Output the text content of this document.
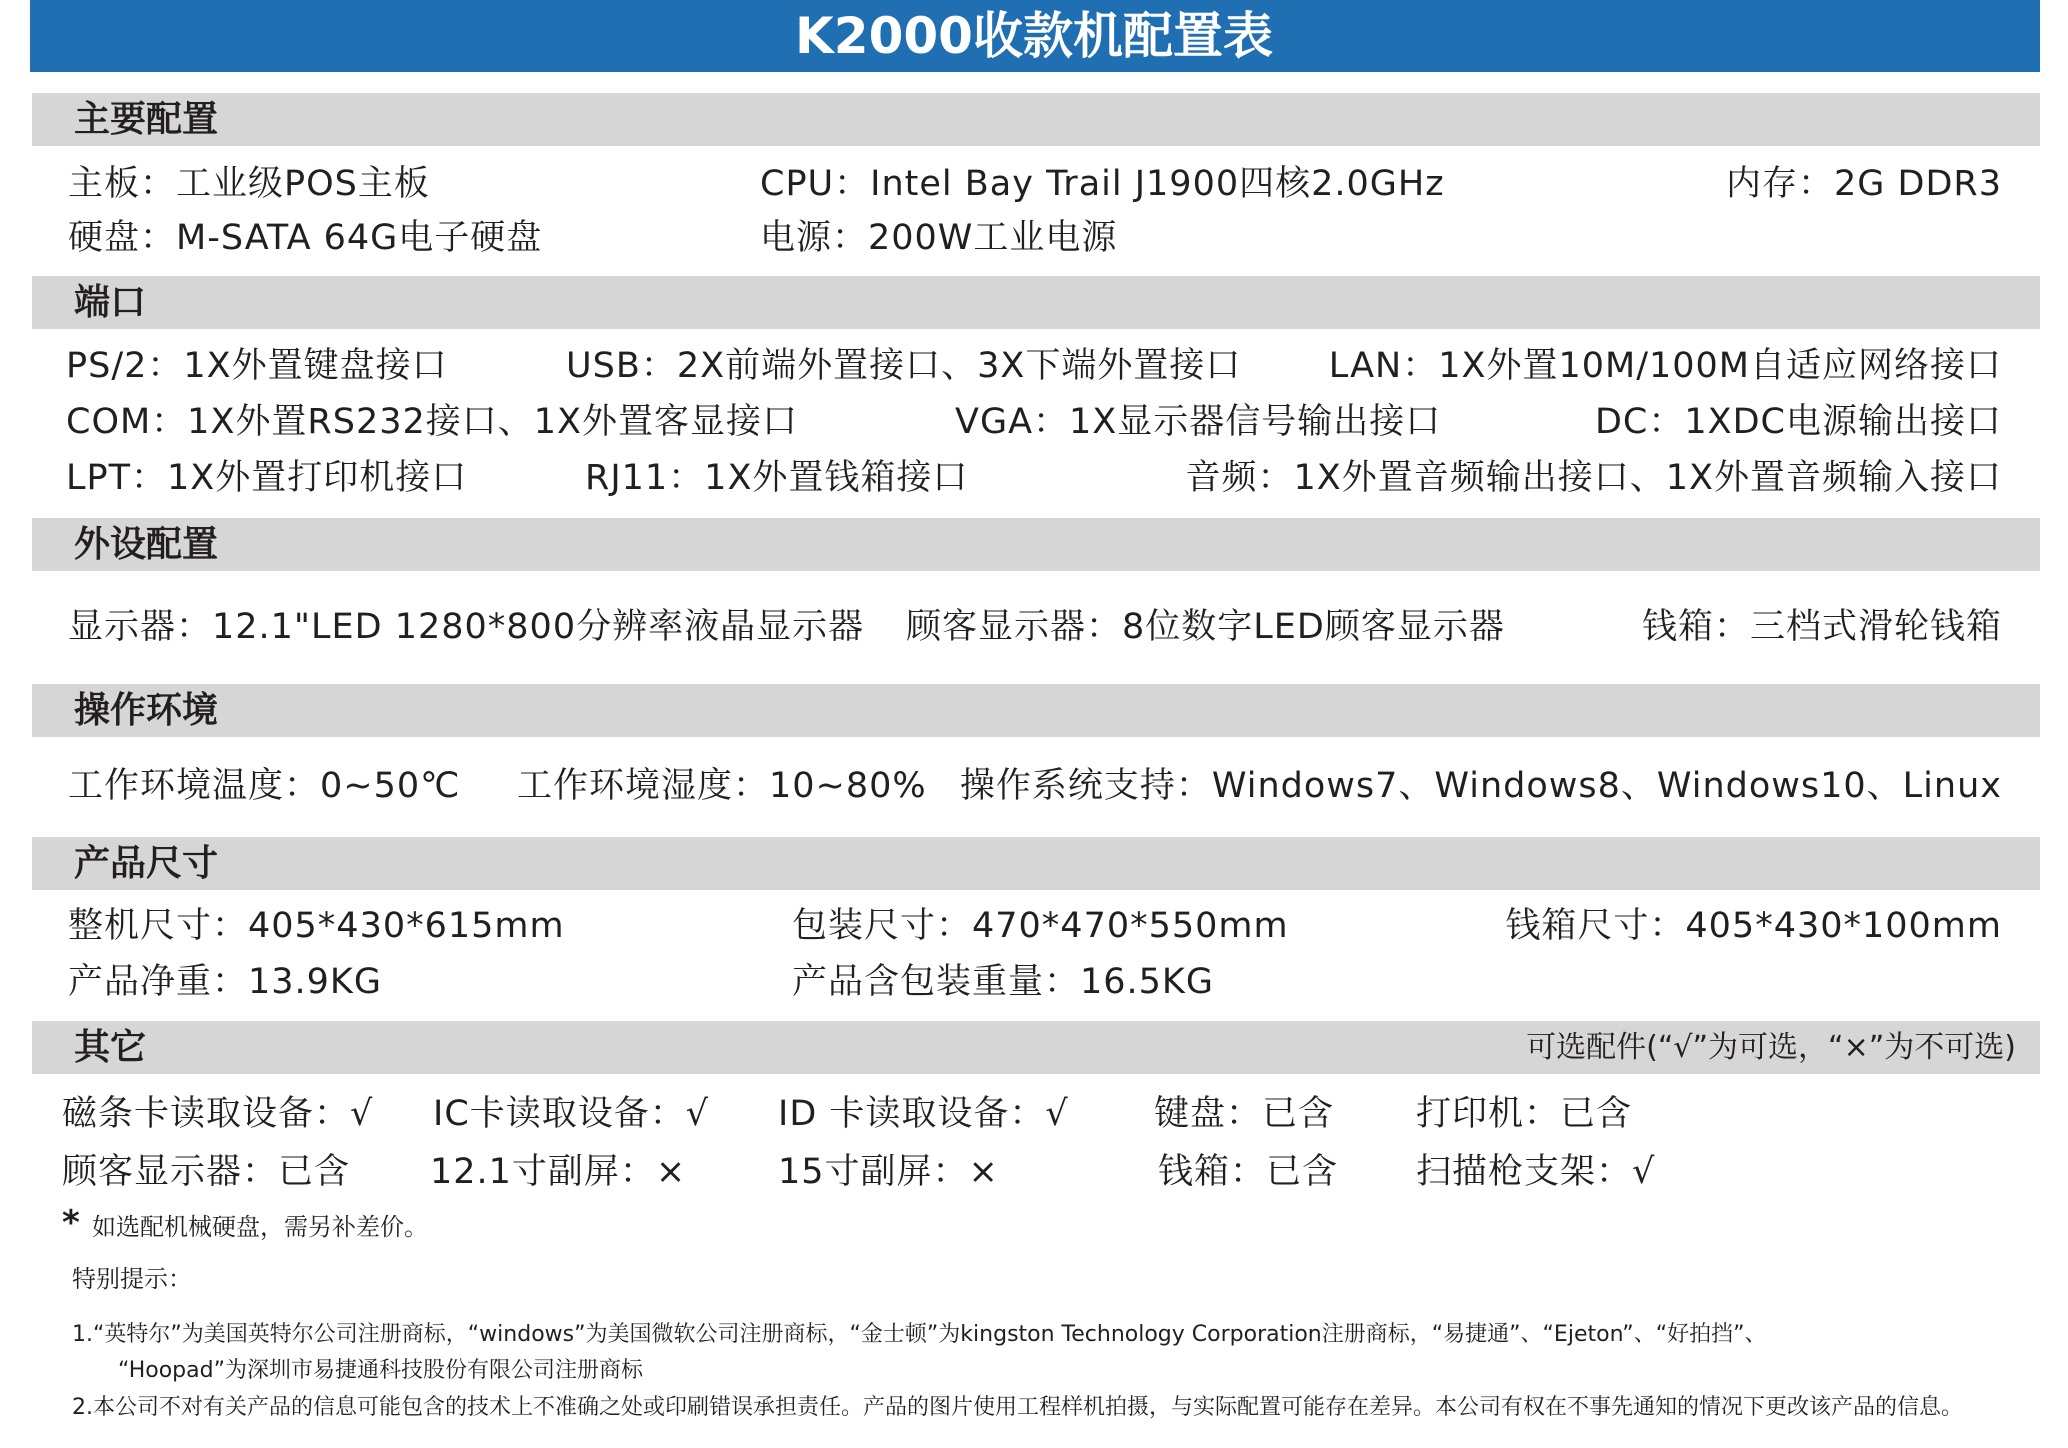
K2000收款机配置表
主要配置
主板：工业级POS主板	CPU：Intel Bay Trail J1900四核2.0GHz	内存：2G DDR3
硬盘：M-SATA 64G电子硬盘	电源：200W工业电源
端口
PS/2：1X外置键盘接口	USB：2X前端外置接口、3X下端外置接口 LAN：1X外置10M/100M自适应网络接口
COM：1X外置RS232接口、1X外置客显接口	VGA：1X显示器信号输出接口	DC：1XDC电源输出接口
LPT：1X外置打印机接口	RJ11：1X外置钱箱接口	音频：1X外置音频输出接口、1X外置音频输入接口
外设配置
显示器：12.1"LED 1280*800分辨率液晶显示器 顾客显示器：8位数字LED顾客显示器	钱箱：三档式滑轮钱箱
操作环境
工作环境温度：0~50℃ 工作环境湿度：10~80% 操作系统支持：Windows7、Windows8、Windows10、Linux
产品尺寸
整机尺寸：405*430*615mm	包装尺寸：470*470*550mm	钱箱尺寸：405*430*100mm
产品净重：13.9KG	产品含包装重量：16.5KG
其它	可选配件(“√”为可选，“×”为不可选)
磁条卡读取设备：√ IC卡读取设备：√ ID 卡读取设备：√ 键盘：已含 打印机：已含
顾客显示器：已含 12.1寸副屏：×	15寸副屏：×	钱箱：已含 扫描枪支架：√
* 如选配机械硬盘，需另补差价。
特别提示：
1.“英特尔”为美国英特尔公司注册商标，“windows”为美国微软公司注册商标，“金士顿”为kingston Technology Corporation注册商标，“易捷通”、“Ejeton”、“好拍挡”、
“Hoopad”为深圳市易捷通科技股份有限公司注册商标
2.本公司不对有关产品的信息可能包含的技术上不准确之处或印刷错误承担责任。产品的图片使用工程样机拍摄，与实际配置可能存在差异。本公司有权在不事先通知的情况下更改该产品的信息。
